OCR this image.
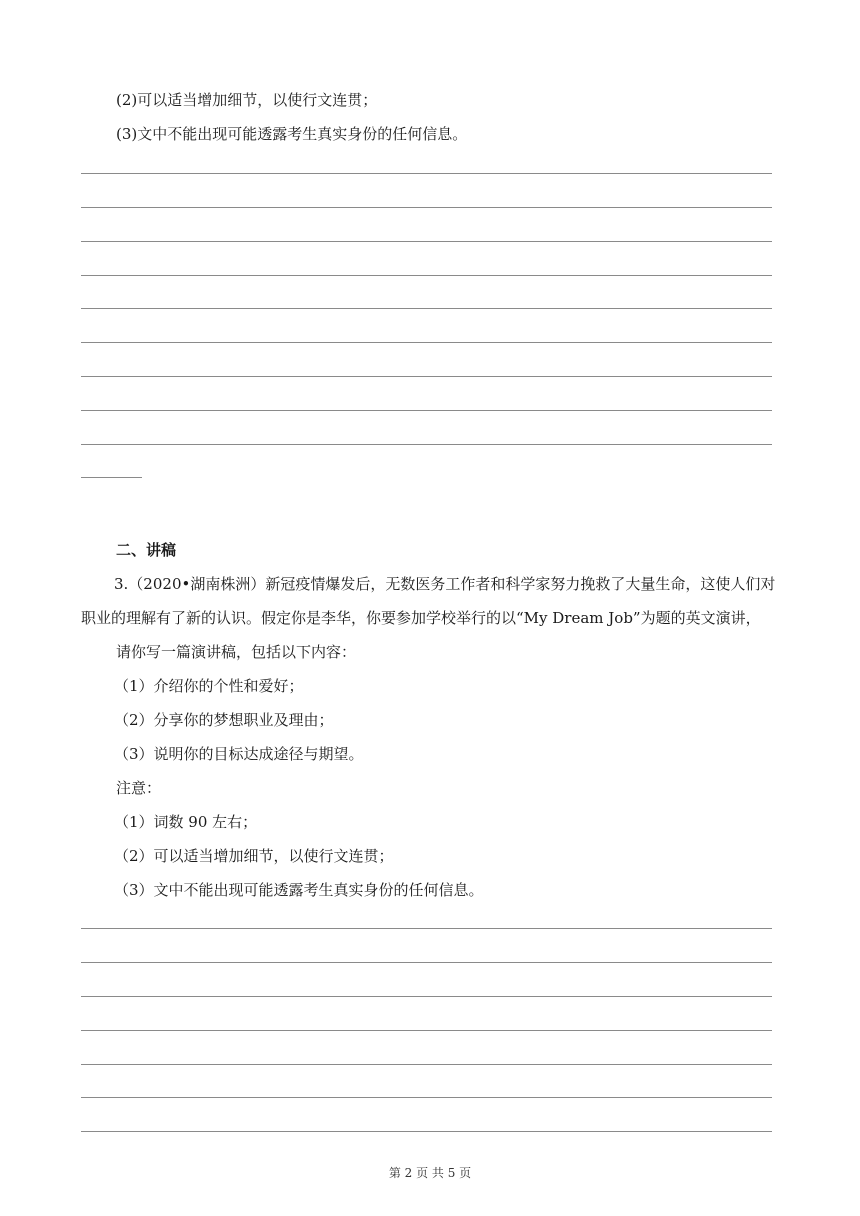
(2)可以适当增加细节，以使行文连贯；
(3)文中不能出现可能透露考生真实身份的任何信息。
二、讲稿
3.（2020•湖南株洲）新冠疫情爆发后，无数医务工作者和科学家努力挽救了大量生命，这使人们对
职业的理解有了新的认识。假定你是李华，你要参加学校举行的以“My Dream Job”为题的英文演讲，
请你写一篇演讲稿，包括以下内容：
（1）介绍你的个性和爱好；
（2）分享你的梦想职业及理由；
（3）说明你的目标达成途径与期望。
注意：
（1）词数 90 左右；
（2）可以适当增加细节，以使行文连贯；
（3）文中不能出现可能透露考生真实身份的任何信息。
第 2 页 共 5 页
